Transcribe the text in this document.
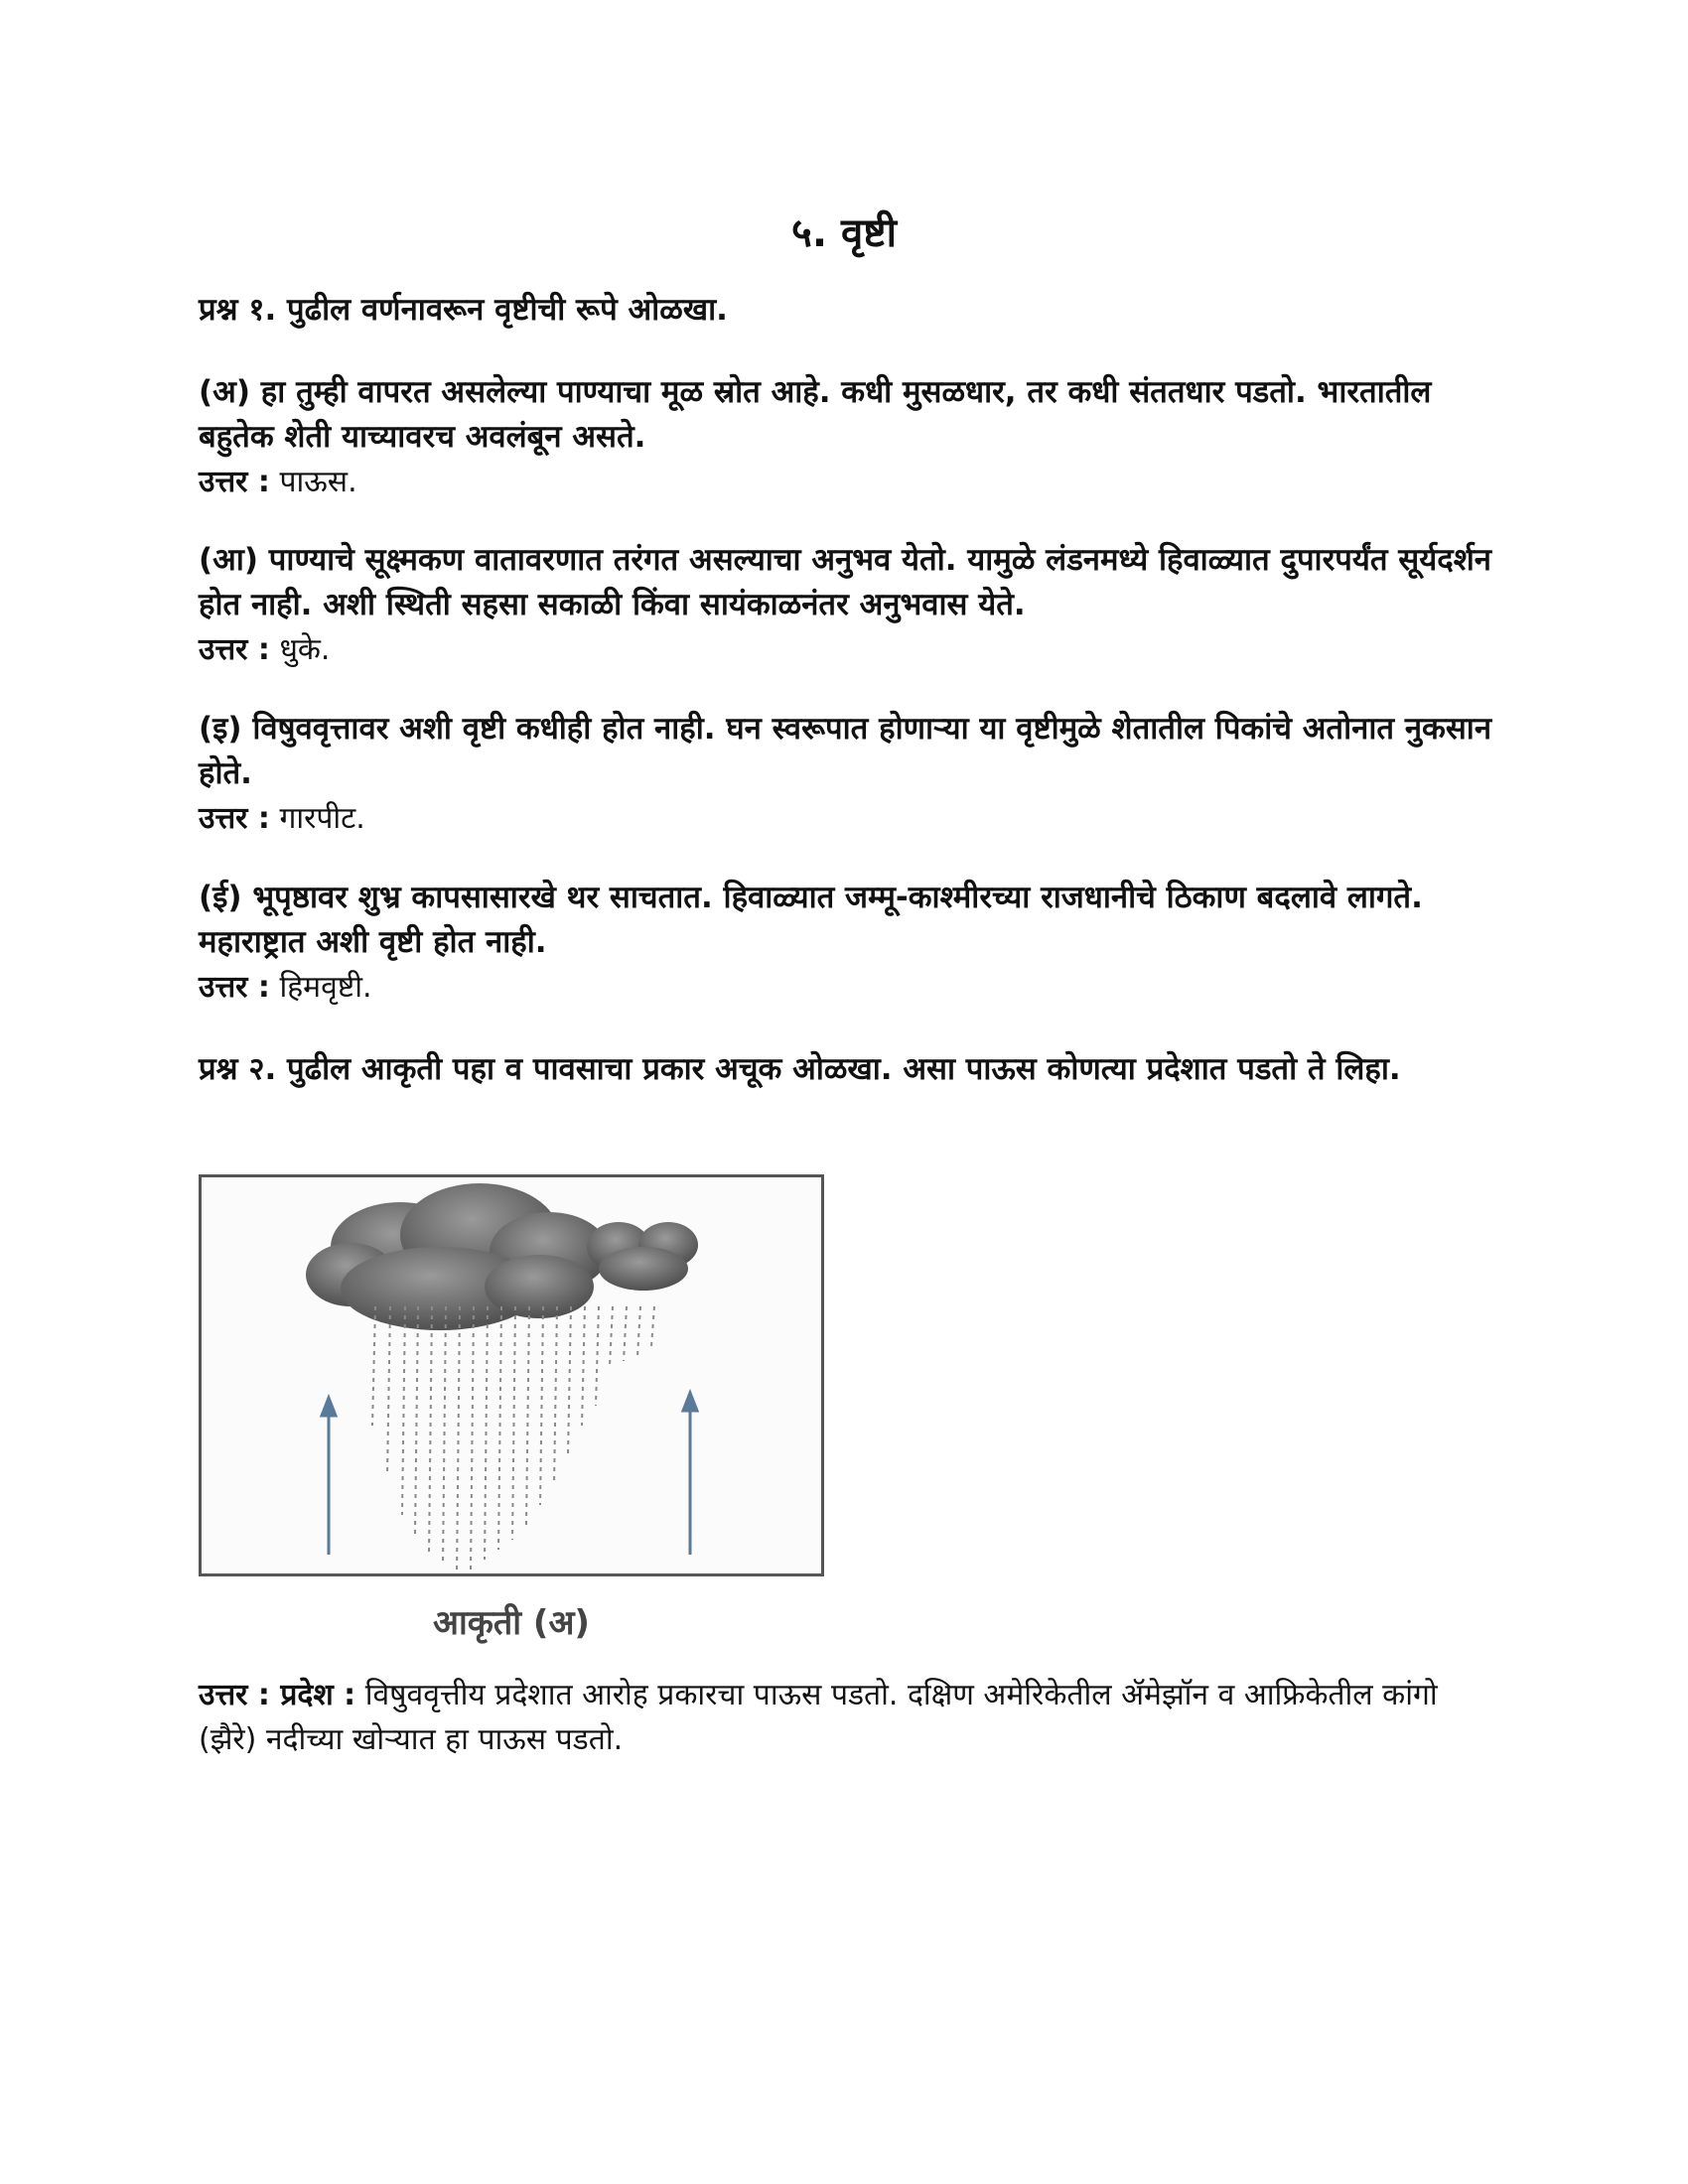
५. वृष्टी
प्रश्न १. पुढील वर्णनावरून वृष्टीची रूपे ओळखा.
(अ) हा तुम्ही वापरत असलेल्या पाण्याचा मूळ स्रोत आहे. कधी मुसळधार, तर कधी संततधार पडतो. भारतातील बहुतेक शेती याच्यावरच अवलंबून असते.
उत्तर : पाऊस.
(आ) पाण्याचे सूक्ष्मकण वातावरणात तरंगत असल्याचा अनुभव येतो. यामुळे लंडनमध्ये हिवाळ्यात दुपारपर्यंत सूर्यदर्शन होत नाही. अशी स्थिती सहसा सकाळी किंवा सायंकाळनंतर अनुभवास येते.
उत्तर : धुके.
(इ) विषुववृत्तावर अशी वृष्टी कधीही होत नाही. घन स्वरूपात होणाऱ्या या वृष्टीमुळे शेतातील पिकांचे अतोनात नुकसान होते.
उत्तर : गारपीट.
(ई) भूपृष्ठावर शुभ्र कापसासारखे थर साचतात. हिवाळ्यात जम्मू-काश्मीरच्या राजधानीचे ठिकाण बदलावे लागते. महाराष्ट्रात अशी वृष्टी होत नाही.
उत्तर : हिमवृष्टी.
प्रश्न २. पुढील आकृती पहा व पावसाचा प्रकार अचूक ओळखा. असा पाऊस कोणत्या प्रदेशात पडतो ते लिहा.
आकृती (अ)
उत्तर : प्रदेश : विषुववृत्तीय प्रदेशात आरोह प्रकारचा पाऊस पडतो. दक्षिण अमेरिकेतील ॲमेझॉन व आफ्रिकेतील कांगो (झैरे) नदीच्या खोऱ्यात हा पाऊस पडतो.
